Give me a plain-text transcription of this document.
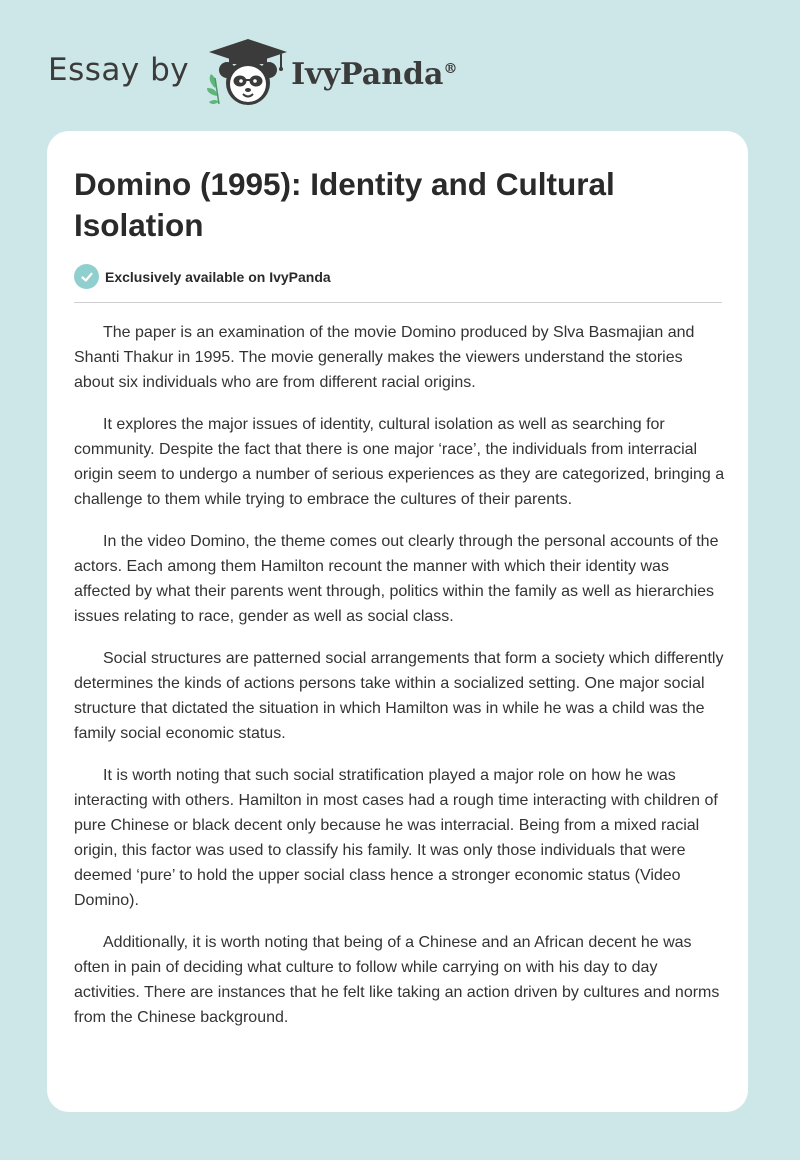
Essay by	IvyPanda®
Domino (1995): Identity and Cultural Isolation
Exclusively available on IvyPanda

The paper is an examination of the movie Domino produced by Slva Basmajian and Shanti Thakur in 1995. The movie generally makes the viewers understand the stories about six individuals who are from different racial origins.

It explores the major issues of identity, cultural isolation as well as searching for community. Despite the fact that there is one major ‘race’, the individuals from interracial origin seem to undergo a number of serious experiences as they are categorized, bringing a challenge to them while trying to embrace the cultures of their parents.

In the video Domino, the theme comes out clearly through the personal accounts of the actors. Each among them Hamilton recount the manner with which their identity was affected by what their parents went through, politics within the family as well as hierarchies issues relating to race, gender as well as social class.

Social structures are patterned social arrangements that form a society which differently determines the kinds of actions persons take within a socialized setting. One major social structure that dictated the situation in which Hamilton was in while he was a child was the family social economic status.

It is worth noting that such social stratification played a major role on how he was interacting with others. Hamilton in most cases had a rough time interacting with children of pure Chinese or black decent only because he was interracial. Being from a mixed racial origin, this factor was used to classify his family. It was only those individuals that were deemed ‘pure’ to hold the upper social class hence a stronger economic status (Video Domino).

Additionally, it is worth noting that being of a Chinese and an African decent he was often in pain of deciding what culture to follow while carrying on with his day to day activities. There are instances that he felt like taking an action driven by cultures and norms from the Chinese background.
